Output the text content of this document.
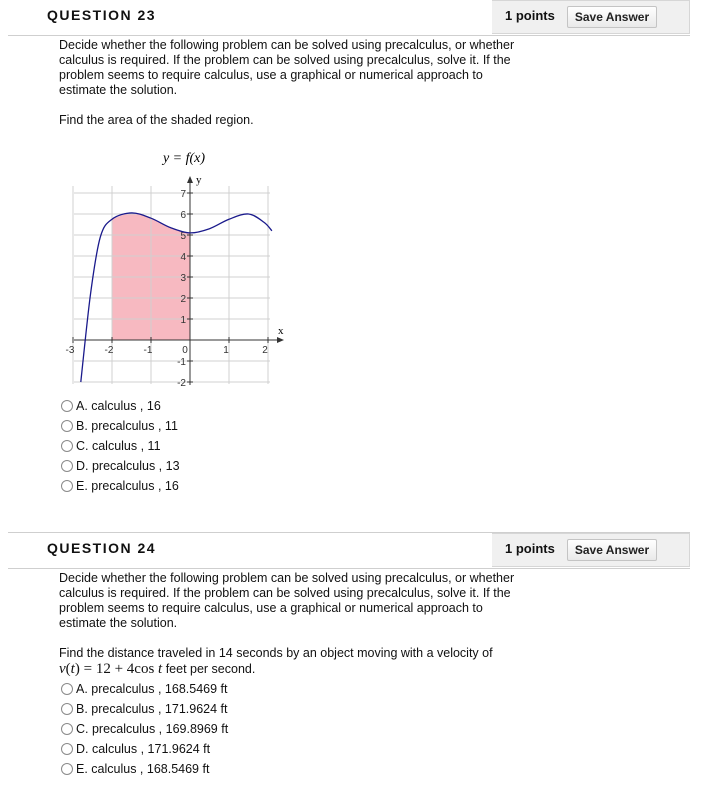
QUESTION 23	1 points	Save Answer

Decide whether the following problem can be solved using precalculus, or whether calculus is required. If the problem can be solved using precalculus, solve it. If the problem seems to require calculus, use a graphical or numerical approach to estimate the solution.

Find the area of the shaded region.

y = f(x)
x
y
-3	-2	-1	0	1	2
7
6
5
4
3
2
1
-1
-2
A. calculus , 16
B. precalculus , 11
C. calculus , 11
D. precalculus , 13
E. precalculus , 16
QUESTION 24	1 points	Save Answer

Decide whether the following problem can be solved using precalculus, or whether calculus is required. If the problem can be solved using precalculus, solve it. If the problem seems to require calculus, use a graphical or numerical approach to estimate the solution.

Find the distance traveled in 14 seconds by an object moving with a velocity of

v(t) = 12 + 4cos t feet per second.
A. precalculus , 168.5469 ft
B. precalculus , 171.9624 ft
C. precalculus , 169.8969 ft
D. calculus , 171.9624 ft
E. calculus , 168.5469 ft
